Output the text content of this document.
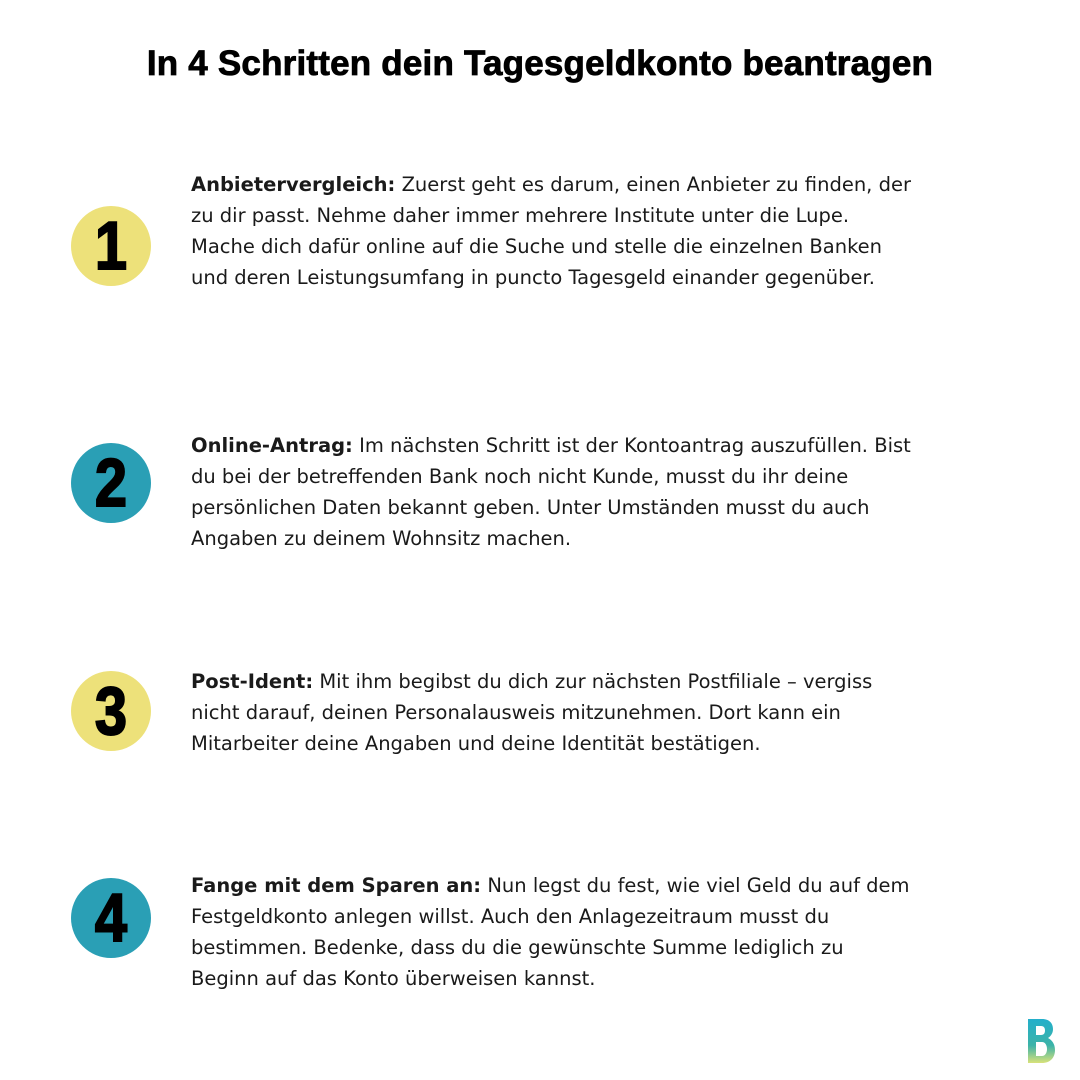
In 4 Schritten dein Tagesgeldkonto beantragen
1
Anbietervergleich: Zuerst geht es darum, einen Anbieter zu finden, der
zu dir passt. Nehme daher immer mehrere Institute unter die Lupe.
Mache dich dafür online auf die Suche und stelle die einzelnen Banken
und deren Leistungsumfang in puncto Tagesgeld einander gegenüber.
2	Online-Antrag: Im nächsten Schritt ist der Kontoantrag auszufüllen. Bist
du bei der betreffenden Bank noch nicht Kunde, musst du ihr deine
persönlichen Daten bekannt geben. Unter Umständen musst du auch
Angaben zu deinem Wohnsitz machen.
3	Post-Ident: Mit ihm begibst du dich zur nächsten Postfiliale – vergiss
nicht darauf, deinen Personalausweis mitzunehmen. Dort kann ein
Mitarbeiter deine Angaben und deine Identität bestätigen.
4	Fange mit dem Sparen an: Nun legst du fest, wie viel Geld du auf dem
Festgeldkonto anlegen willst. Auch den Anlagezeitraum musst du
bestimmen. Bedenke, dass du die gewünschte Summe lediglich zu
Beginn auf das Konto überweisen kannst.
